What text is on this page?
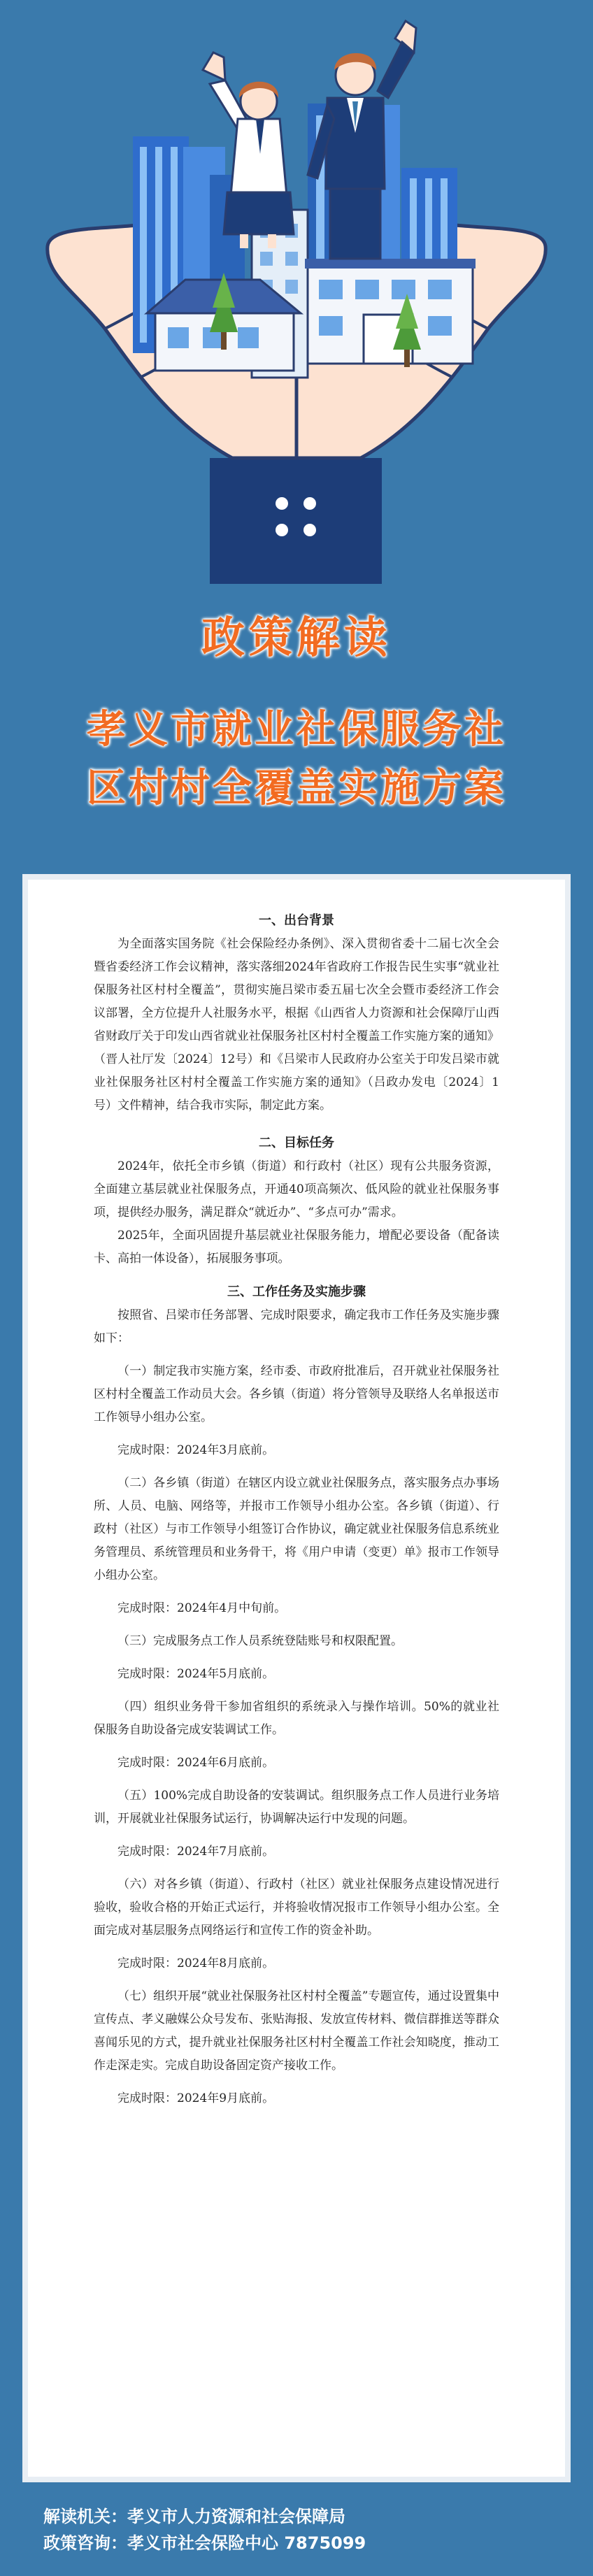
政策解读
孝义市就业社保服务社
区村村全覆盖实施方案
一、出台背景

为全面落实国务院《社会保险经办条例》、深入贯彻省委十二届七次全会暨省委经济工作会议精神，落实落细2024年省政府工作报告民生实事“就业社保服务社区村村全覆盖”，贯彻实施吕梁市委五届七次全会暨市委经济工作会议部署，全方位提升人社服务水平，根据《山西省人力资源和社会保障厅山西省财政厅关于印发山西省就业社保服务社区村村全覆盖工作实施方案的通知》（晋人社厅发〔2024〕12号）和《吕梁市人民政府办公室关于印发吕梁市就业社保服务社区村村全覆盖工作实施方案的通知》（吕政办发电〔2024〕1号）文件精神，结合我市实际，制定此方案。

二、目标任务

2024年，依托全市乡镇（街道）和行政村（社区）现有公共服务资源，全面建立基层就业社保服务点，开通40项高频次、低风险的就业社保服务事项，提供经办服务，满足群众“就近办”、“多点可办”需求。

2025年，全面巩固提升基层就业社保服务能力，增配必要设备（配备读卡、高拍一体设备），拓展服务事项。

三、工作任务及实施步骤

按照省、吕梁市任务部署、完成时限要求，确定我市工作任务及实施步骤如下：

（一）制定我市实施方案，经市委、市政府批准后，召开就业社保服务社区村村全覆盖工作动员大会。各乡镇（街道）将分管领导及联络人名单报送市工作领导小组办公室。

完成时限：2024年3月底前。

（二）各乡镇（街道）在辖区内设立就业社保服务点，落实服务点办事场所、人员、电脑、网络等，并报市工作领导小组办公室。各乡镇（街道）、行政村（社区）与市工作领导小组签订合作协议，确定就业社保服务信息系统业务管理员、系统管理员和业务骨干，将《用户申请（变更）单》报市工作领导小组办公室。

完成时限：2024年4月中旬前。

（三）完成服务点工作人员系统登陆账号和权限配置。

完成时限：2024年5月底前。

（四）组织业务骨干参加省组织的系统录入与操作培训。50%的就业社保服务自助设备完成安装调试工作。

完成时限：2024年6月底前。

（五）100%完成自助设备的安装调试。组织服务点工作人员进行业务培训，开展就业社保服务试运行，协调解决运行中发现的问题。

完成时限：2024年7月底前。

（六）对各乡镇（街道）、行政村（社区）就业社保服务点建设情况进行验收，验收合格的开始正式运行，并将验收情况报市工作领导小组办公室。全面完成对基层服务点网络运行和宣传工作的资金补助。

完成时限：2024年8月底前。

（七）组织开展“就业社保服务社区村村全覆盖”专题宣传，通过设置集中宣传点、孝义融媒公众号发布、张贴海报、发放宣传材料、微信群推送等群众喜闻乐见的方式，提升就业社保服务社区村村全覆盖工作社会知晓度，推动工作走深走实。完成自助设备固定资产接收工作。

完成时限：2024年9月底前。

解读机关：孝义市人力资源和社会保障局
政策咨询：孝义市社会保险中心 7875099
